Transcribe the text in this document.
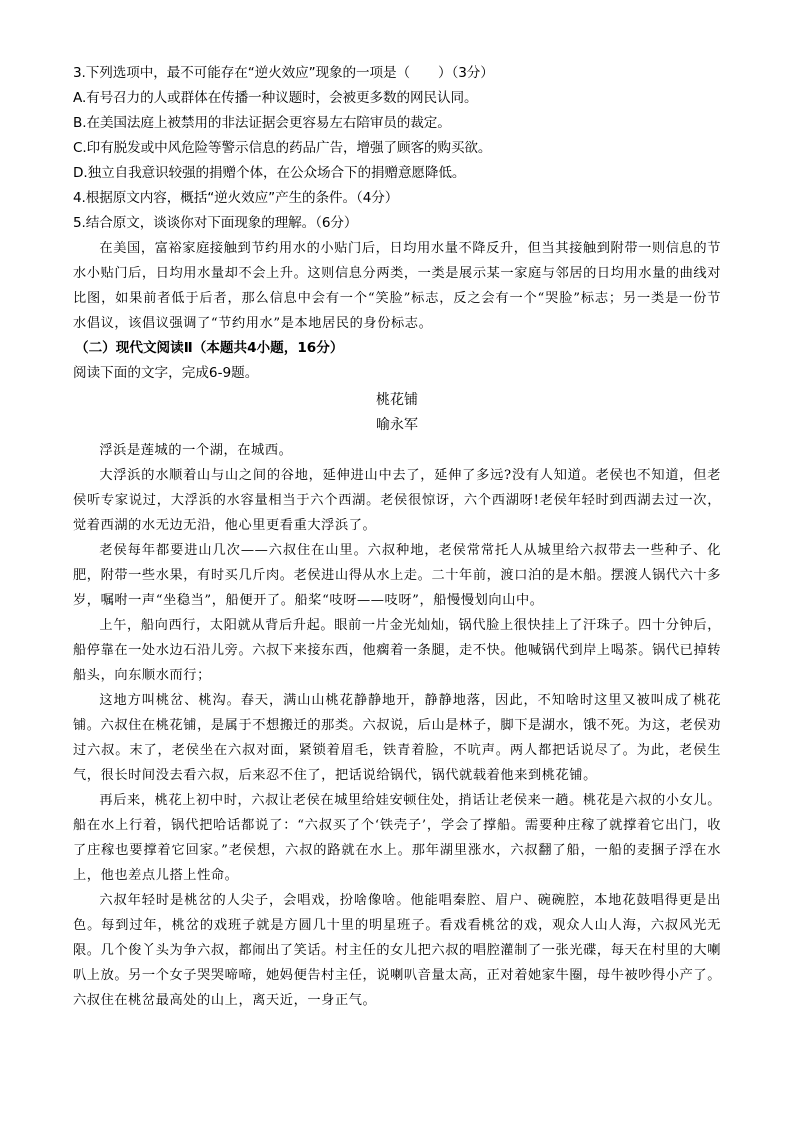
3.下列选项中，最不可能存在“逆火效应”现象的一项是（ ）（3分）
A.有号召力的人或群体在传播一种议题时，会被更多数的网民认同。
B.在美国法庭上被禁用的非法证据会更容易左右陪审员的裁定。
C.印有脱发或中风危险等警示信息的药品广告，增强了顾客的购买欲。
D.独立自我意识较强的捐赠个体，在公众场合下的捐赠意愿降低。
4.根据原文内容，概括“逆火效应”产生的条件。（4分）
5.结合原文，谈谈你对下面现象的理解。（6分）

在美国，富裕家庭接触到节约用水的小贴门后，日均用水量不降反升，但当其接触到附带一则信息的节水小贴门后，日均用水量却不会上升。这则信息分两类，一类是展示某一家庭与邻居的日均用水量的曲线对比图，如果前者低于后者，那么信息中会有一个“笑脸”标志，反之会有一个“哭脸”标志；另一类是一份节水倡议，该倡议强调了“节约用水”是本地居民的身份标志。

（二）现代文阅读Ⅱ（本题共4小题，16分）
阅读下面的文字，完成6-9题。
桃花铺
喻永军

浮浜是莲城的一个湖，在城西。

大浮浜的水顺着山与山之间的谷地，延伸进山中去了，延伸了多远?没有人知道。老侯也不知道，但老侯听专家说过，大浮浜的水容量相当于六个西湖。老侯很惊讶，六个西湖呀!老侯年轻时到西湖去过一次，觉着西湖的水无边无沿，他心里更看重大浮浜了。

老侯每年都要进山几次——六叔住在山里。六叔种地，老侯常常托人从城里给六叔带去一些种子、化肥，附带一些水果，有时买几斤肉。老侯进山得从水上走。二十年前，渡口泊的是木船。摆渡人锅代六十多岁，嘱咐一声“坐稳当”，船便开了。船桨“吱呀——吱呀”，船慢慢划向山中。

上午，船向西行，太阳就从背后升起。眼前一片金光灿灿，锅代脸上很快挂上了汗珠子。四十分钟后，船停靠在一处水边石沿儿旁。六叔下来接东西，他瘸着一条腿，走不快。他喊锅代到岸上喝茶。锅代已掉转船头，向东顺水而行；

这地方叫桃岔、桃沟。春天，满山山桃花静静地开，静静地落，因此，不知啥时这里又被叫成了桃花铺。六叔住在桃花铺，是属于不想搬迁的那类。六叔说，后山是林子，脚下是湖水，饿不死。为这，老侯劝过六叔。末了，老侯坐在六叔对面，紧锁着眉毛，铁青着脸，不吭声。两人都把话说尽了。为此，老侯生气，很长时间没去看六叔，后来忍不住了，把话说给锅代，锅代就载着他来到桃花铺。

再后来，桃花上初中时，六叔让老侯在城里给娃安顿住处，捎话让老侯来一趟。桃花是六叔的小女儿。船在水上行着，锅代把哈话都说了：“六叔买了个‘铁壳子’，学会了撑船。需要种庄稼了就撑着它出门，收了庄稼也要撑着它回家。”老侯想，六叔的路就在水上。那年湖里涨水，六叔翻了船，一船的麦捆子浮在水上，他也差点儿搭上性命。

六叔年轻时是桃岔的人尖子，会唱戏，扮啥像啥。他能唱秦腔、眉户、碗碗腔，本地花鼓唱得更是出色。每到过年，桃岔的戏班子就是方圆几十里的明星班子。看戏看桃岔的戏，观众人山人海，六叔风光无限。几个俊丫头为争六叔，都闹出了笑话。村主任的女儿把六叔的唱腔灌制了一张光碟，每天在村里的大喇叭上放。另一个女子哭哭啼啼，她妈便告村主任，说喇叭音量太高，正对着她家牛圈，母牛被吵得小产了。六叔住在桃岔最高处的山上，离天近，一身正气。
